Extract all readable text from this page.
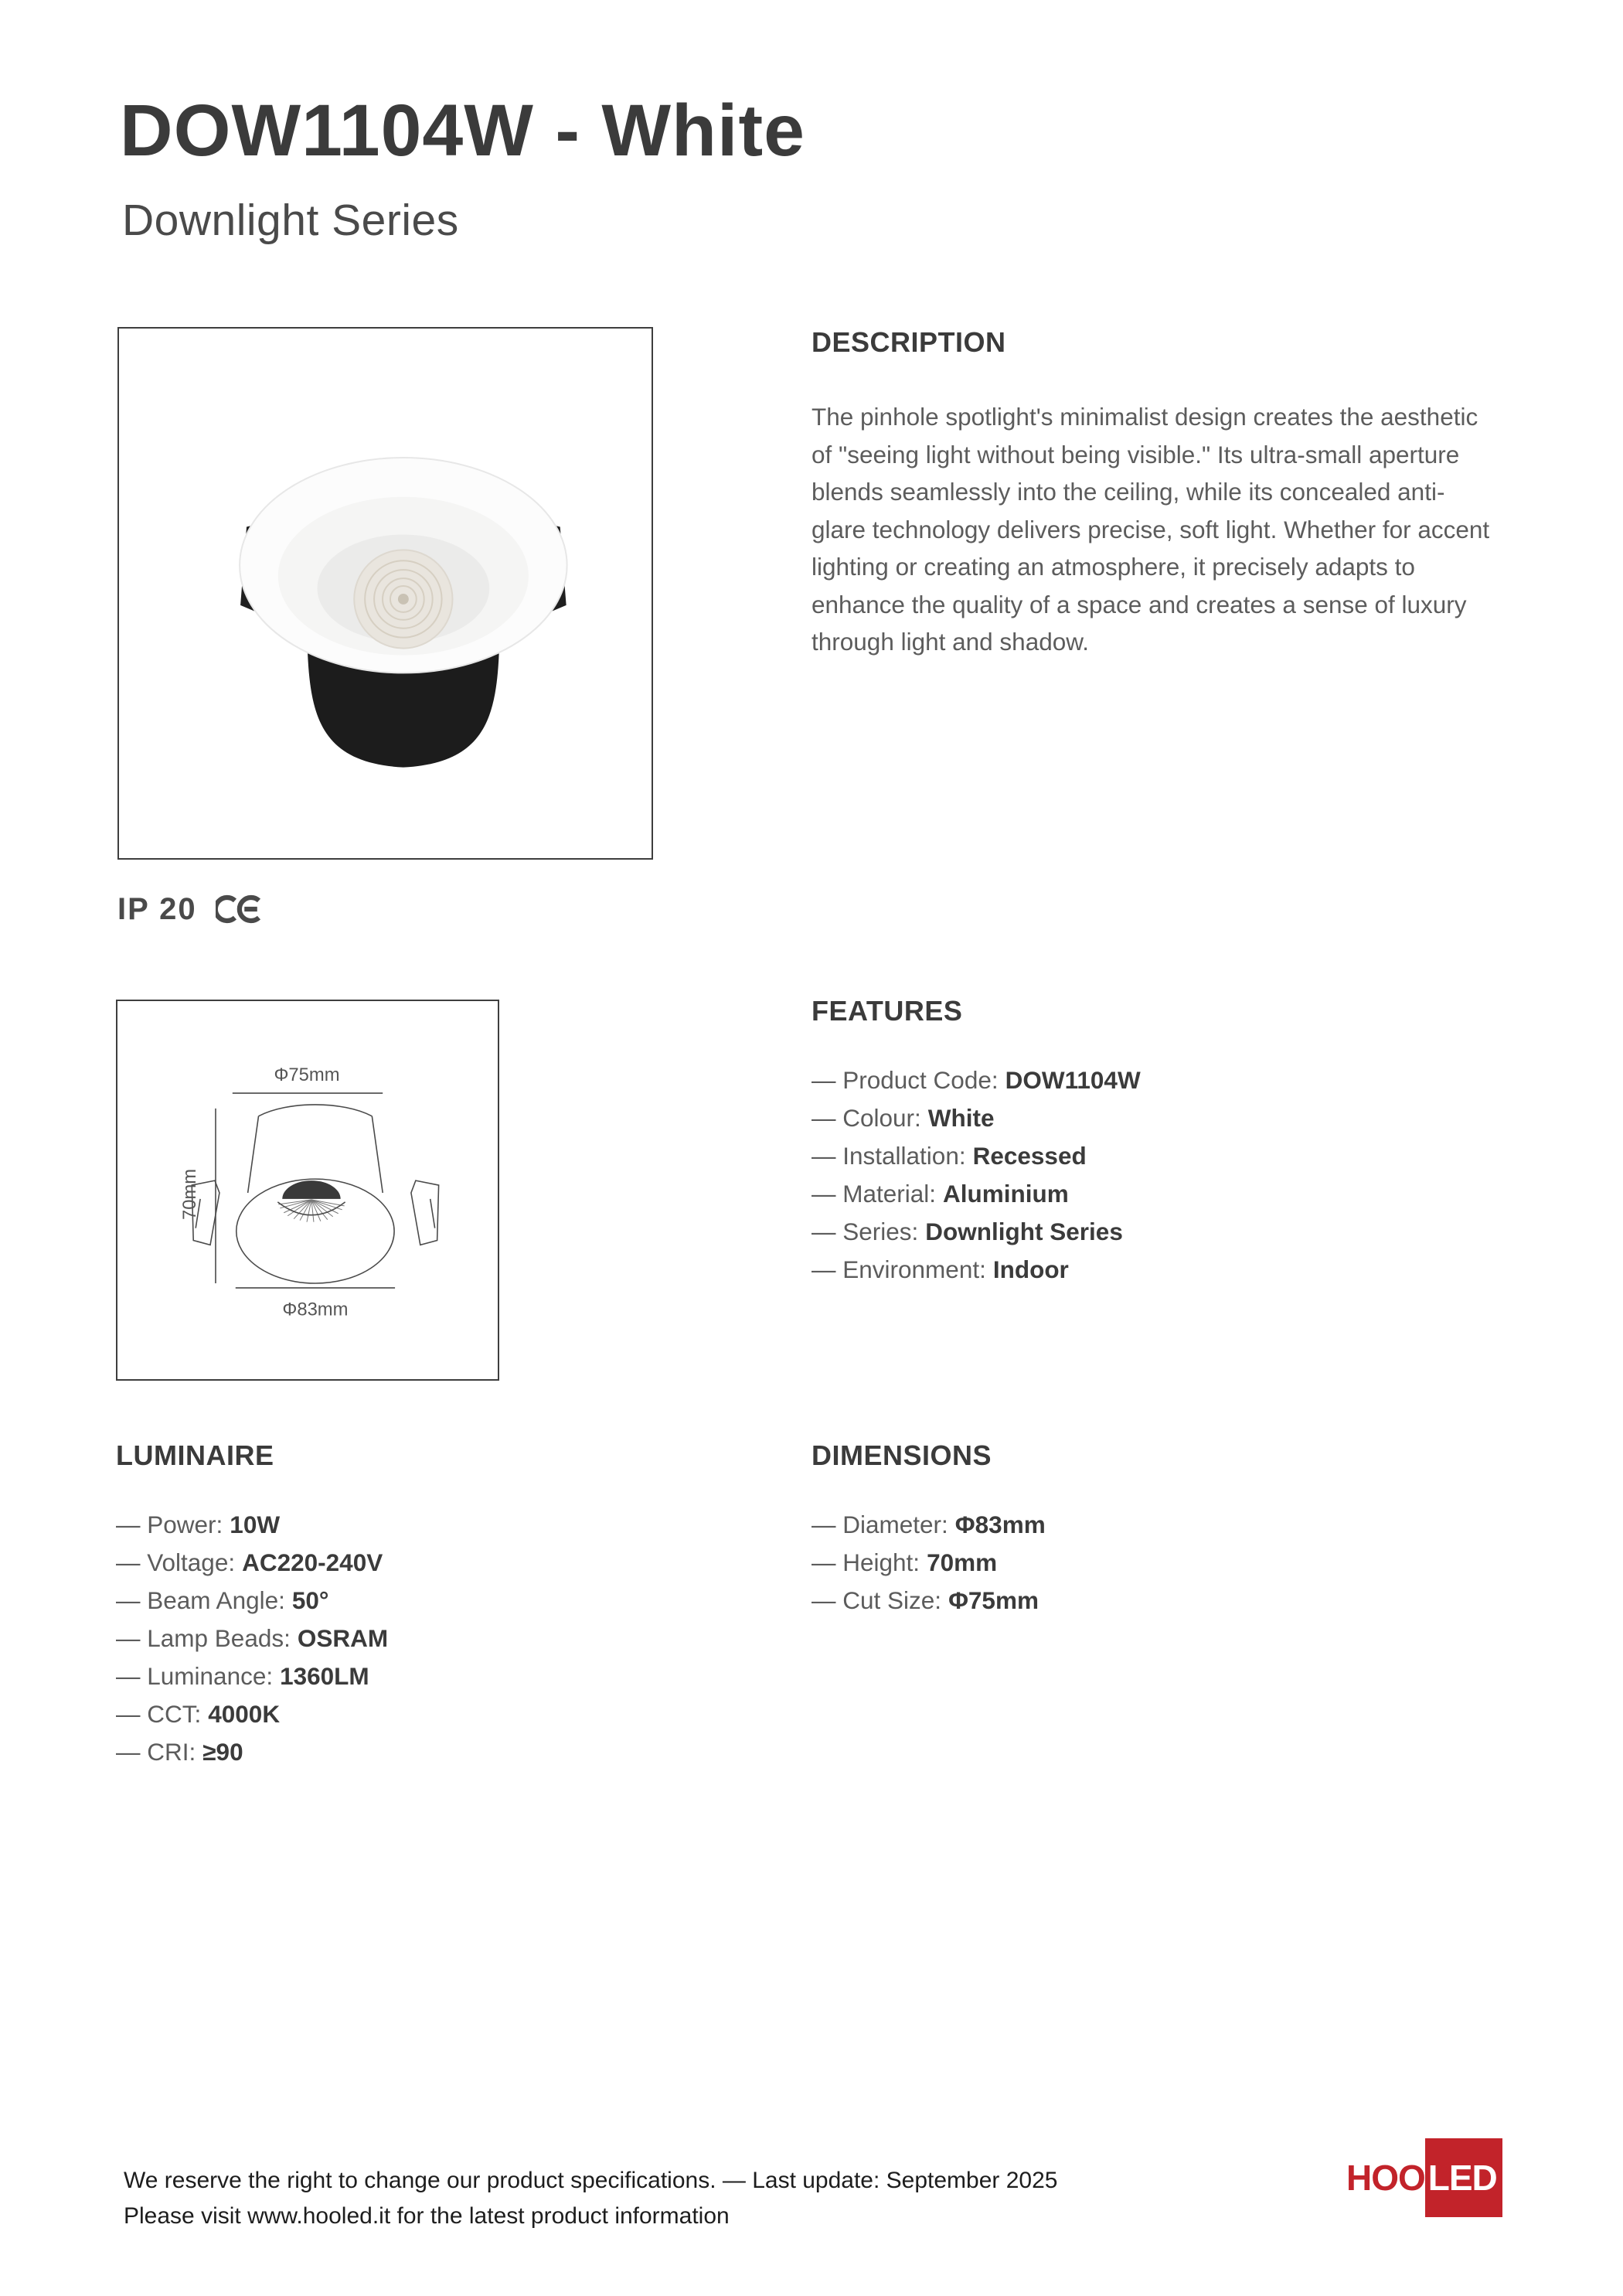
DOW1104W - White
Downlight Series
IP 20
DESCRIPTION

The pinhole spotlight's minimalist design creates the aesthetic of "seeing light without being visible." Its ultra-small aperture blends seamlessly into the ceiling, while its concealed anti-glare technology delivers precise, soft light. Whether for accent lighting or creating an atmosphere, it precisely adapts to enhance the quality of a space and creates a sense of luxury through light and shadow.

Φ75mm
70mm
Φ83mm
FEATURES
— Product Code: DOW1104W
— Colour: White
— Installation: Recessed
— Material: Aluminium
— Series: Downlight Series
— Environment: Indoor
LUMINAIRE
— Power: 10W
— Voltage: AC220-240V
— Beam Angle: 50°
— Lamp Beads: OSRAM
— Luminance: 1360LM
— CCT: 4000K
— CRI: ≥90
DIMENSIONS
— Diameter: Φ83mm
— Height: 70mm
— Cut Size: Φ75mm
We reserve the right to change our product specifications. — Last update: September 2025
Please visit www.hooled.it for the latest product information
HOO LED
